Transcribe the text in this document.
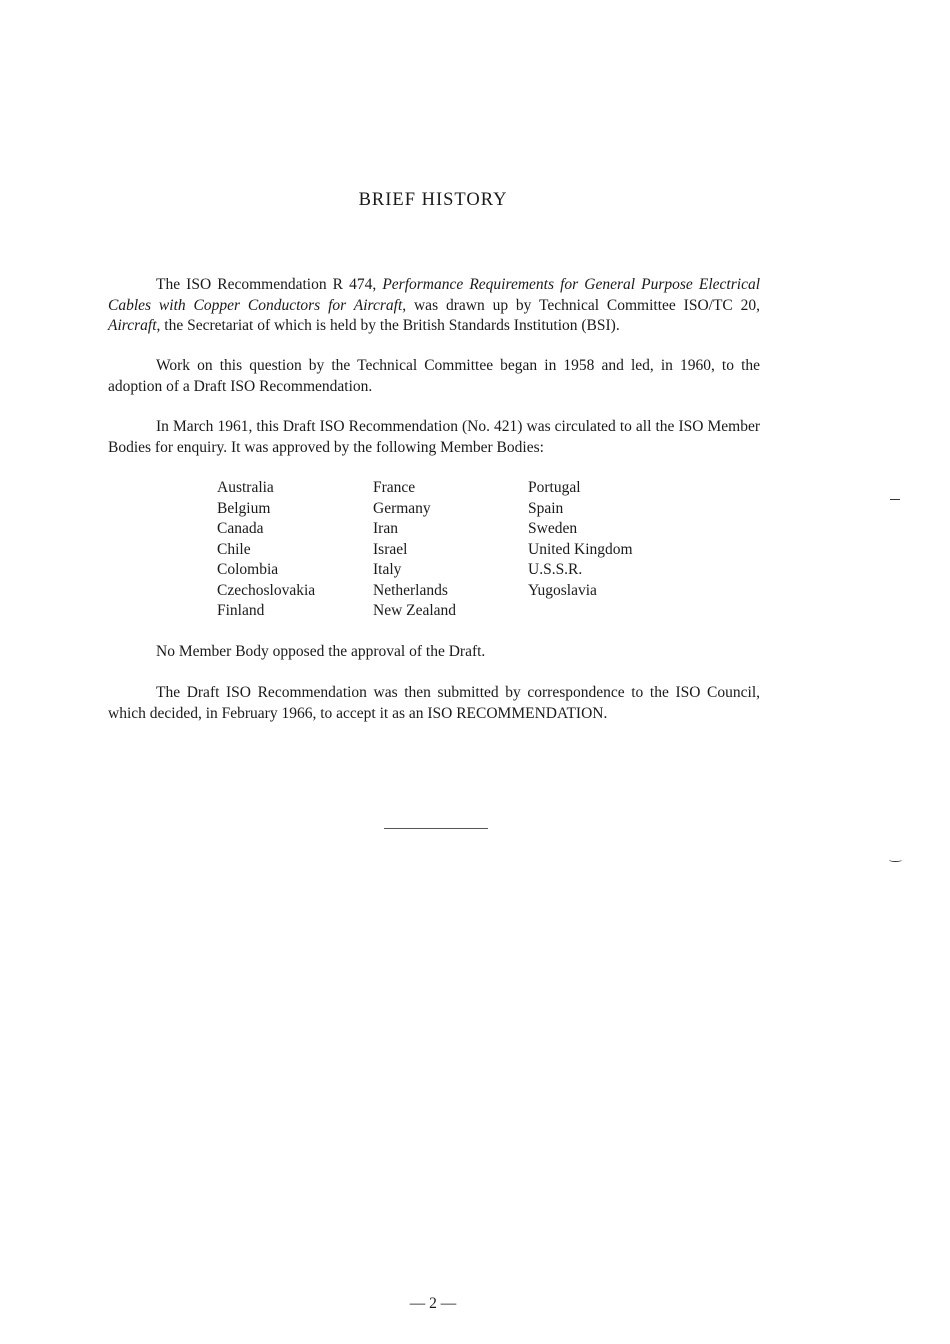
BRIEF HISTORY

The ISO Recommendation R 474, Performance Requirements for General Purpose Electrical Cables with Copper Conductors for Aircraft, was drawn up by Technical Committee ISO/TC 20, Aircraft, the Secretariat of which is held by the British Standards Institution (BSI).

Work on this question by the Technical Committee began in 1958 and led, in 1960, to the adoption of a Draft ISO Recommendation.

In March 1961, this Draft ISO Recommendation (No. 421) was circulated to all the ISO Member Bodies for enquiry. It was approved by the following Member Bodies:

Australia
Belgium
Canada
Chile
Colombia
Czechoslovakia
Finland
France
Germany
Iran
Israel
Italy
Netherlands
New Zealand
Portugal
Spain
Sweden
United Kingdom
U.S.S.R.
Yugoslavia

No Member Body opposed the approval of the Draft.

The Draft ISO Recommendation was then submitted by correspondence to the ISO Council, which decided, in February 1966, to accept it as an ISO RECOMMENDATION.

— 2 —
